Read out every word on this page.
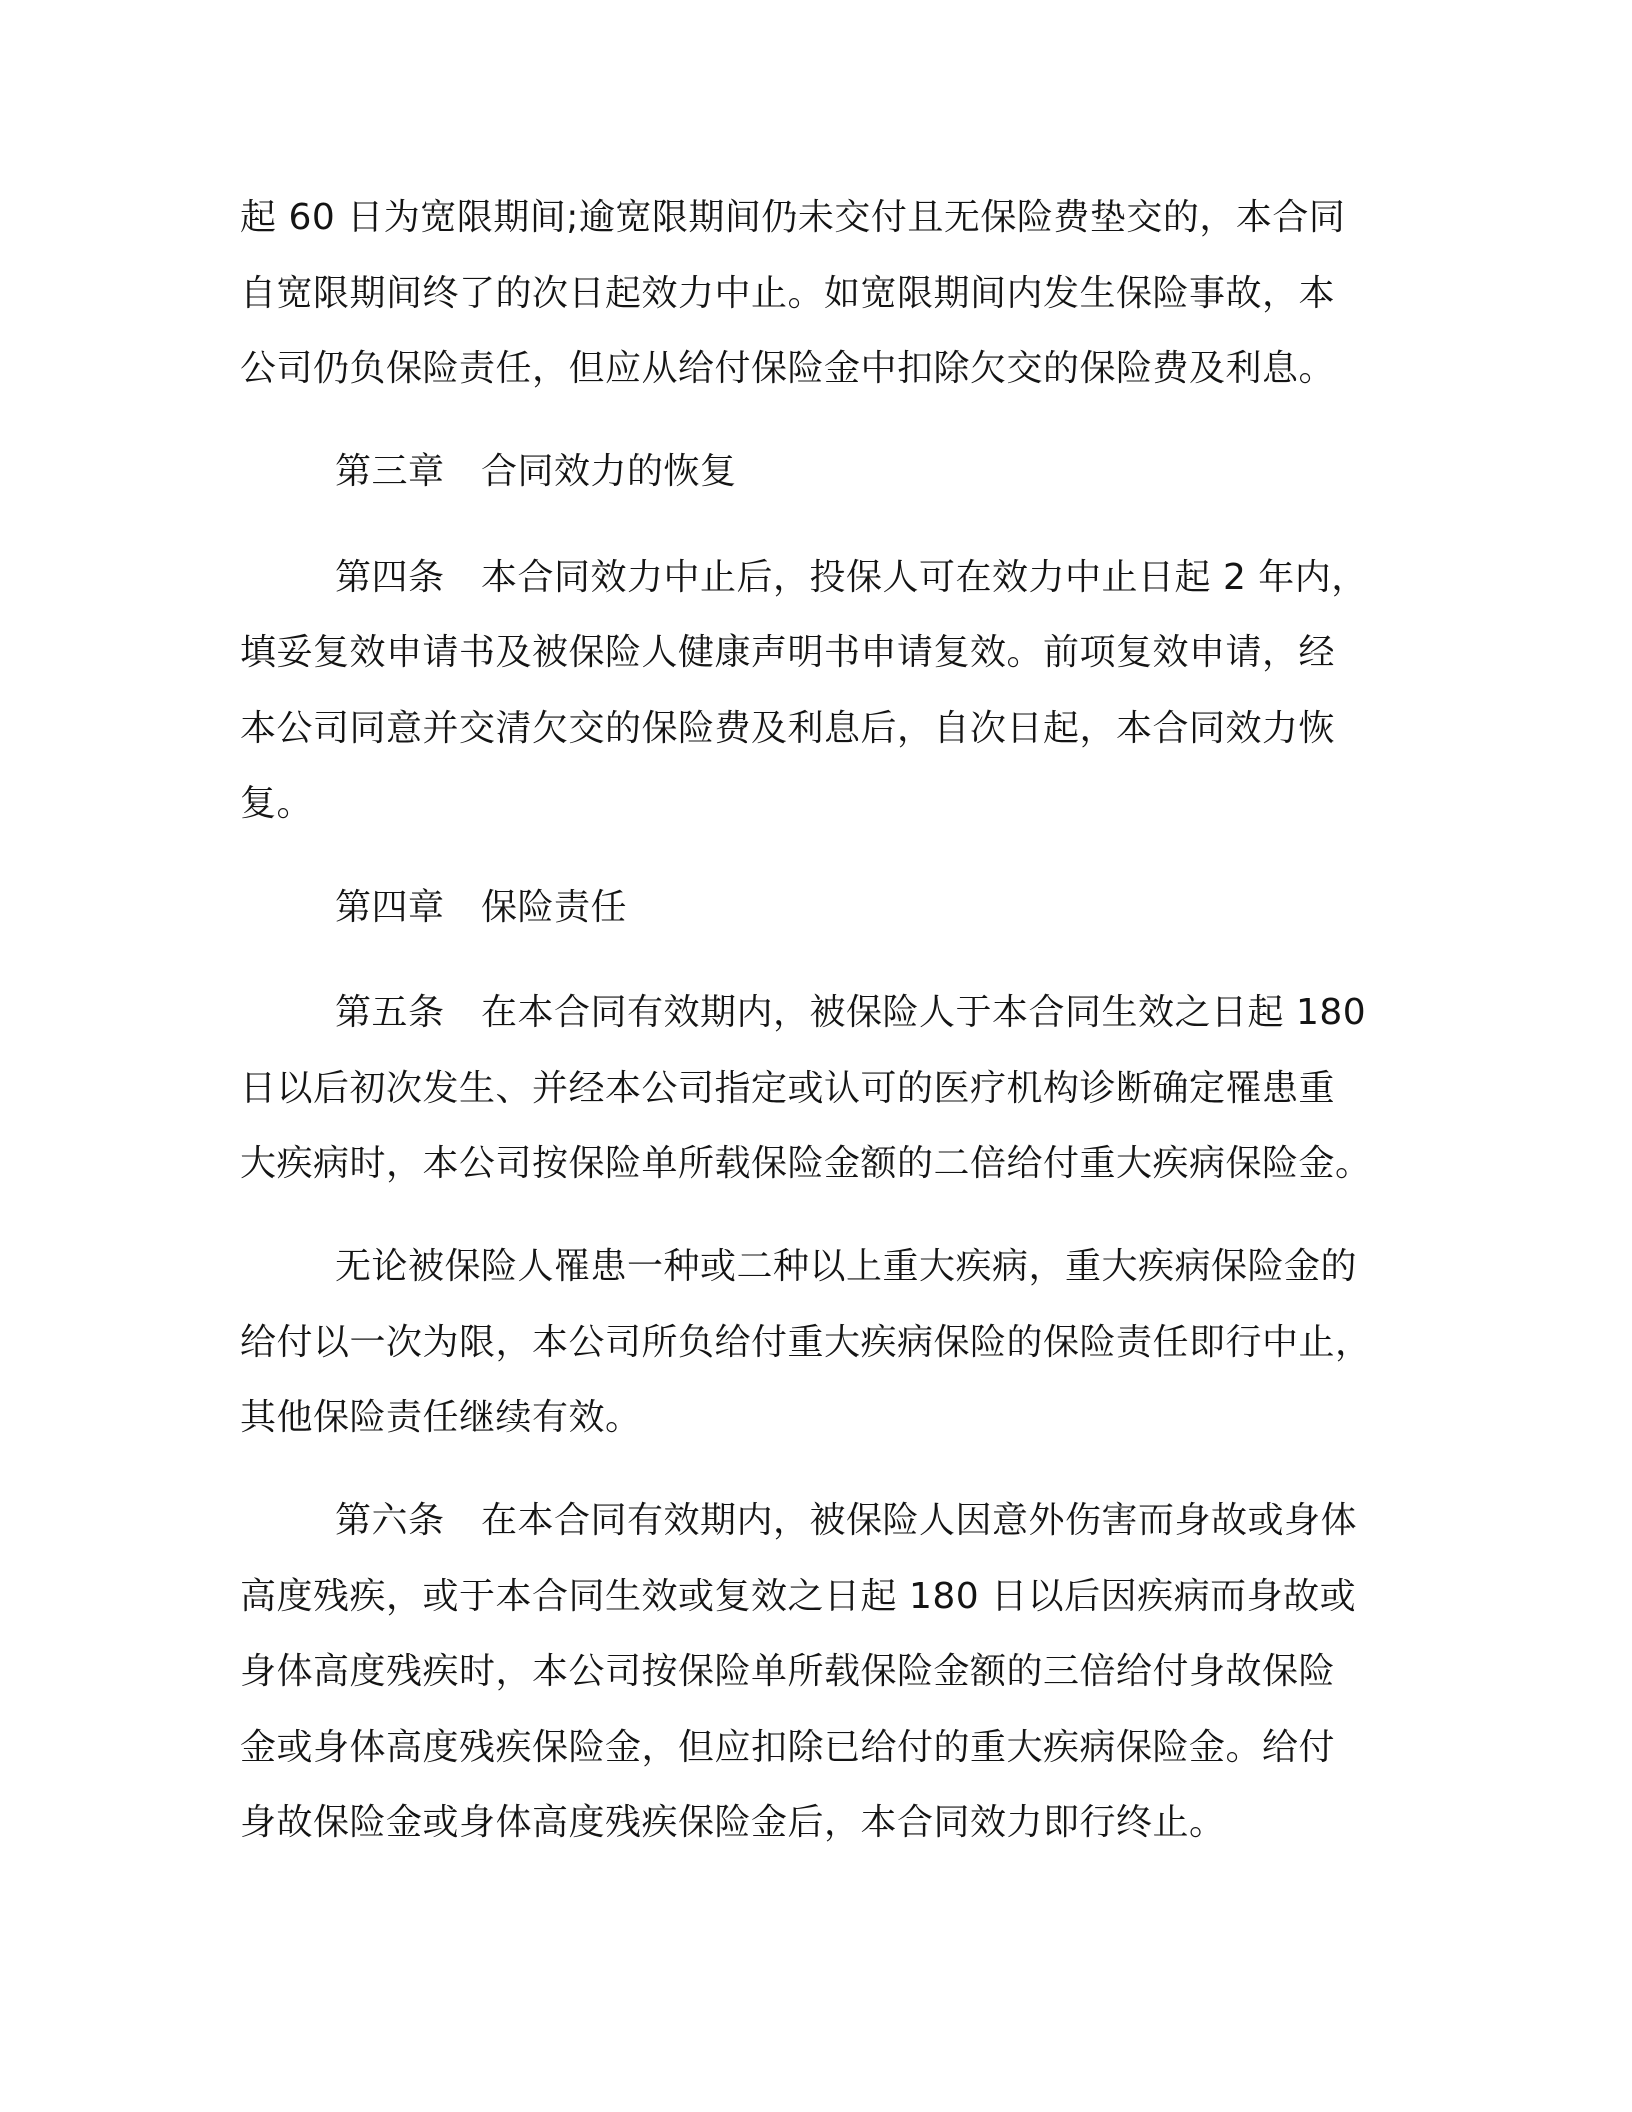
起 60 日为宽限期间;逾宽限期间仍未交付且无保险费垫交的，本合同
自宽限期间终了的次日起效力中止。如宽限期间内发生保险事故，本
公司仍负保险责任，但应从给付保险金中扣除欠交的保险费及利息。
第三章　合同效力的恢复
第四条　本合同效力中止后，投保人可在效力中止日起 2 年内，
填妥复效申请书及被保险人健康声明书申请复效。前项复效申请，经
本公司同意并交清欠交的保险费及利息后，自次日起，本合同效力恢
复。
第四章　保险责任
第五条　在本合同有效期内，被保险人于本合同生效之日起 180
日以后初次发生、并经本公司指定或认可的医疗机构诊断确定罹患重
大疾病时，本公司按保险单所载保险金额的二倍给付重大疾病保险金。
无论被保险人罹患一种或二种以上重大疾病，重大疾病保险金的
给付以一次为限，本公司所负给付重大疾病保险的保险责任即行中止，
其他保险责任继续有效。
第六条　在本合同有效期内，被保险人因意外伤害而身故或身体
高度残疾，或于本合同生效或复效之日起 180 日以后因疾病而身故或
身体高度残疾时，本公司按保险单所载保险金额的三倍给付身故保险
金或身体高度残疾保险金，但应扣除已给付的重大疾病保险金。给付
身故保险金或身体高度残疾保险金后，本合同效力即行终止。
